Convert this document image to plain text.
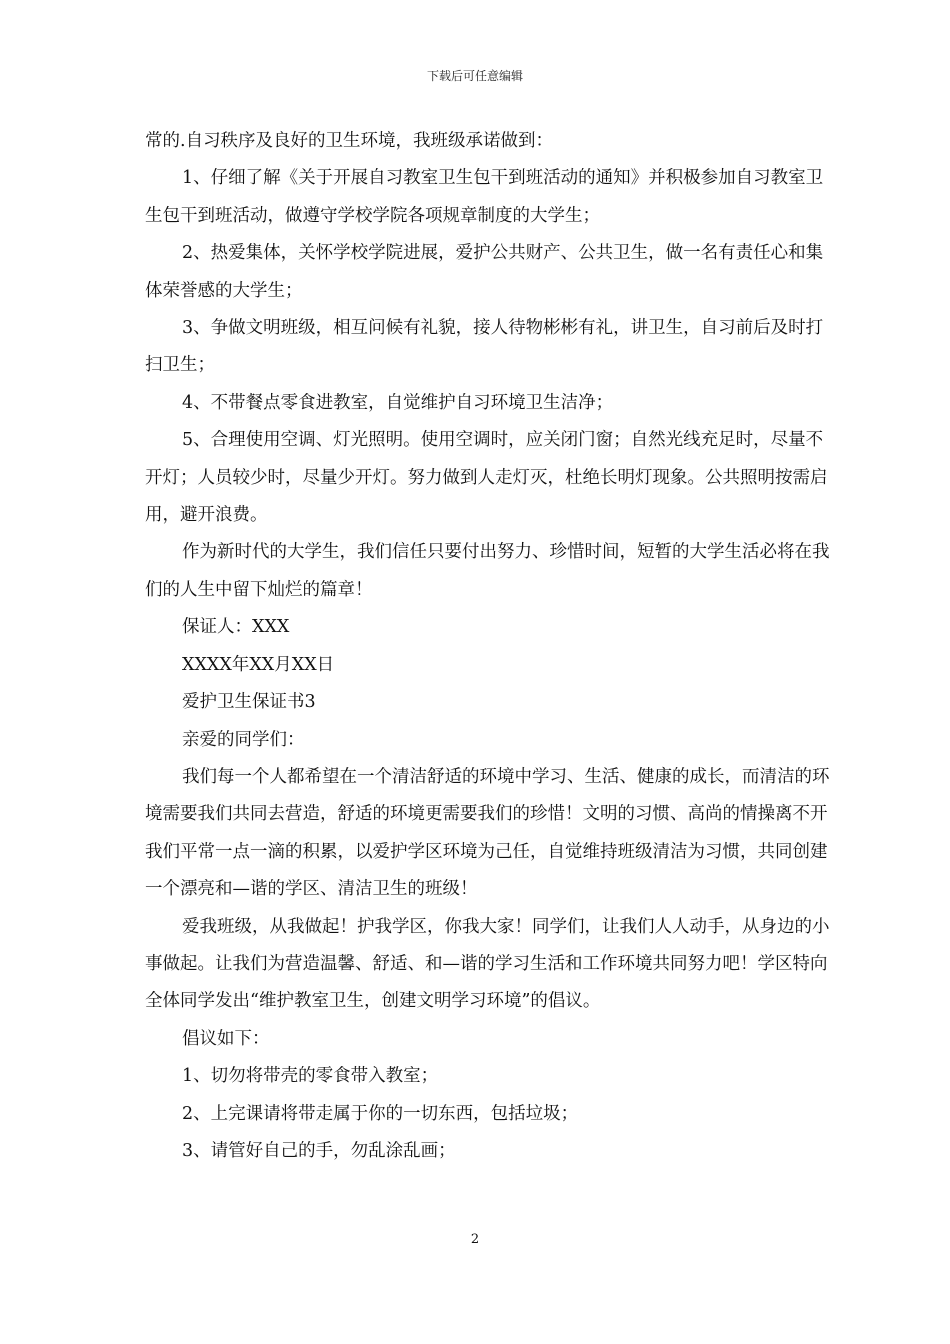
下载后可任意编辑

常的.自习秩序及良好的卫生环境，我班级承诺做到：

1、仔细了解《关于开展自习教室卫生包干到班活动的通知》并积极参加自习教室卫生包干到班活动，做遵守学校学院各项规章制度的大学生；

2、热爱集体，关怀学校学院进展，爱护公共财产、公共卫生，做一名有责任心和集体荣誉感的大学生；

3、争做文明班级，相互问候有礼貌，接人待物彬彬有礼，讲卫生，自习前后及时打扫卫生；

4、不带餐点零食进教室，自觉维护自习环境卫生洁净；

5、合理使用空调、灯光照明。使用空调时，应关闭门窗；自然光线充足时，尽量不开灯；人员较少时，尽量少开灯。努力做到人走灯灭，杜绝长明灯现象。公共照明按需启用，避开浪费。

作为新时代的大学生，我们信任只要付出努力、珍惜时间，短暂的大学生活必将在我们的人生中留下灿烂的篇章！

保证人：XXX

XXXX年XX月XX日

爱护卫生保证书3

亲爱的同学们：

我们每一个人都希望在一个清洁舒适的环境中学习、生活、健康的成长，而清洁的环境需要我们共同去营造，舒适的环境更需要我们的珍惜！文明的习惯、高尚的情操离不开我们平常一点一滴的积累，以爱护学区环境为己任，自觉维持班级清洁为习惯，共同创建一个漂亮和—谐的学区、清洁卫生的班级！

爱我班级，从我做起！护我学区，你我大家！同学们，让我们人人动手，从身边的小事做起。让我们为营造温馨、舒适、和—谐的学习生活和工作环境共同努力吧！学区特向全体同学发出“维护教室卫生，创建文明学习环境”的倡议。

倡议如下：

1、切勿将带壳的零食带入教室；

2、上完课请将带走属于你的一切东西，包括垃圾；

3、请管好自己的手，勿乱涂乱画；

2
